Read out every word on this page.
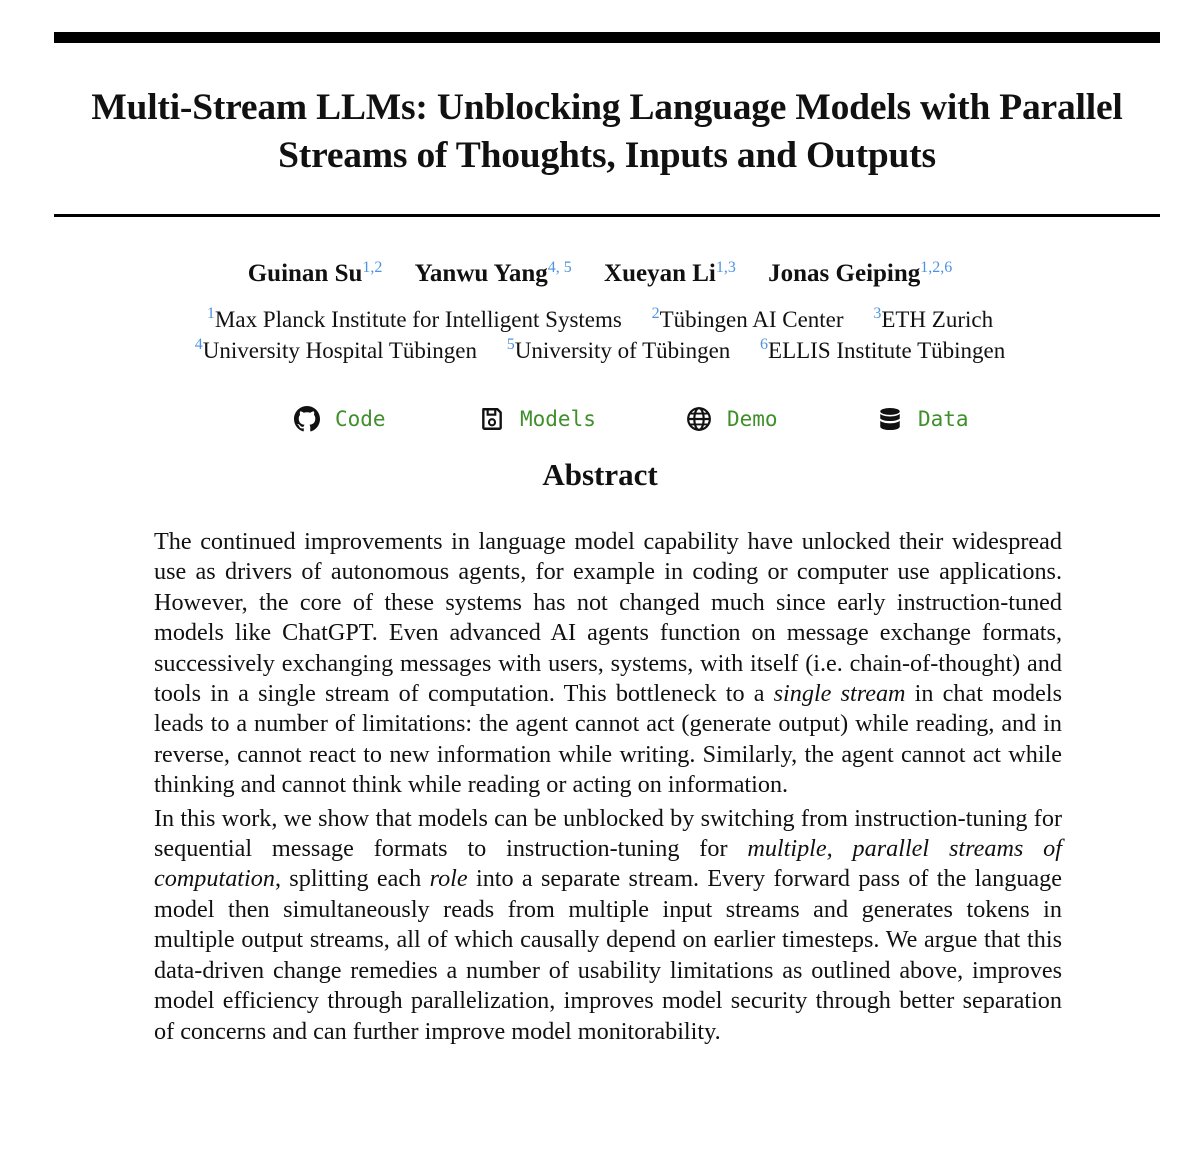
Multi-Stream LLMs: Unblocking Language Models with Parallel Streams of Thoughts, Inputs and Outputs
Guinan Su$^{1,2}$ Yanwu Yang$^{4, 5}$ Xueyan Li$^{1,3}$ Jonas Geiping$^{1,2,6}$
$^1$Max Planck Institute for Intelligent Systems $^2$Tübingen AI Center $^3$ETH Zurich
$^4$University Hospital Tübingen $^5$University of Tübingen $^6$ELLIS Institute Tübingen
Code	Models	Demo	Data
Abstract

The continued improvements in language model capability have unlocked their widespread use as drivers of autonomous agents, for example in coding or computer use applications. However, the core of these systems has not changed much since early instruction-tuned models like ChatGPT. Even advanced AI agents function on message exchange formats, successively exchanging messages with users, systems, with itself (i.e. chain-of-thought) and tools in a single stream of computation. This bottleneck to a single stream in chat models leads to a number of limitations: the agent cannot act (generate output) while reading, and in reverse, cannot react to new information while writing. Similarly, the agent cannot act while thinking and cannot think while reading or acting on information.

In this work, we show that models can be unblocked by switching from instruction-tuning for sequential message formats to instruction-tuning for multiple, parallel streams of computation, splitting each role into a separate stream. Every forward pass of the language model then simultaneously reads from multiple input streams and generates tokens in multiple output streams, all of which causally depend on earlier timesteps. We argue that this data-driven change remedies a number of usability limitations as outlined above, improves model efficiency through parallelization, improves model security through better separation of concerns and can further improve model monitorability.
